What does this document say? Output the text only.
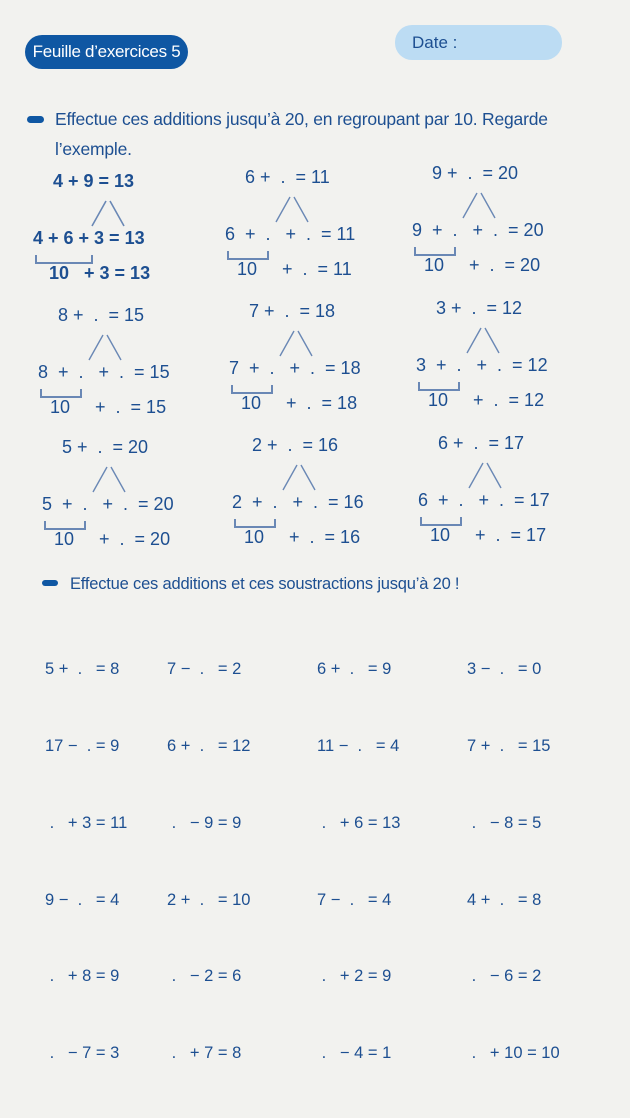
Feuille d’exercices 5	Date :
Effectue ces additions jusqu’à 20, en regroupant par 10. Regarde l’exemple.
4 + 9 = 13
4 + 6 + 3 = 13
10   + 3 = 13
6 +  .  = 11
6  +  .   +  .  = 11
10     +  .  = 11
9 +  .  = 20
9  +  .   +  .  = 20
10     +  .  = 20
8 +  .  = 15
8  +  .   +  .  = 15
10     +  .  = 15
7 +  .  = 18
7  +  .   +  .  = 18
10     +  .  = 18
3 +  .  = 12
3  +  .   +  .  = 12
10     +  .  = 12
5 +  .  = 20
5  +  .   +  .  = 20
10     +  .  = 20
2 +  .  = 16
2  +  .   +  .  = 16
10     +  .  = 16
6 +  .  = 17
6  +  .   +  .  = 17
10     +  .  = 17
Effectue ces additions et ces soustractions jusqu’à 20 !

5 +  .   = 8

17 −  . = 9

.   + 3 = 11

9 −  .   = 4

.   + 8 = 9

.   − 7 = 3

7 −  .   = 2

6 +  .   = 12

.   − 9 = 9

2 +  .   = 10

.   − 2 = 6

.   + 7 = 8

6 +  .   = 9

11 −  .   = 4

.   + 6 = 13

7 −  .   = 4

.   + 2 = 9

.   − 4 = 1

3 −  .   = 0

7 +  .   = 15

.   − 8 = 5

4 +  .   = 8

.   − 6 = 2

.   + 10 = 10
